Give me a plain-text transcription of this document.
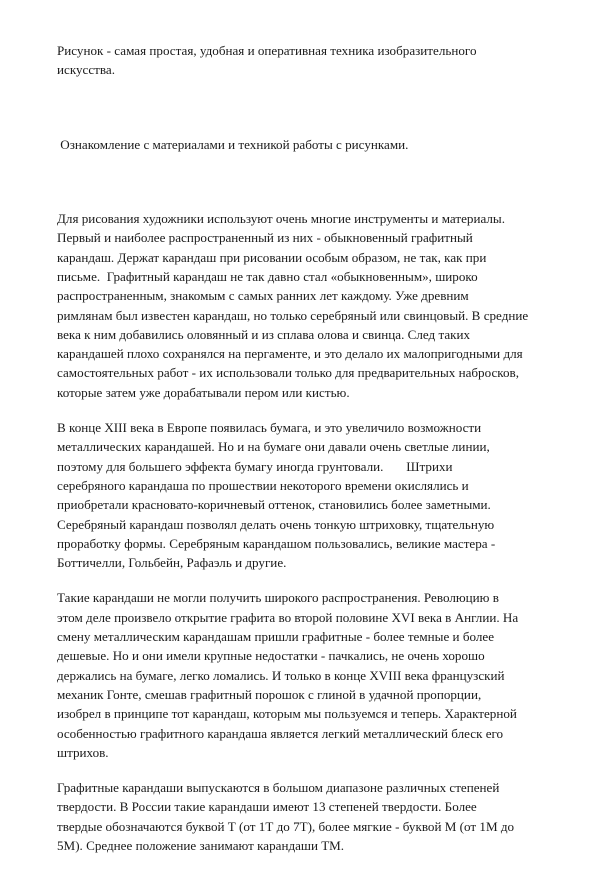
Рисунок - самая простая, удобная и оперативная техника изобразительного
искусства.

Ознакомление с материалами и техникой работы с рисунками.

Для рисования художники используют очень многие инструменты и материалы.
Первый и наиболее распространенный из них - обыкновенный графитный
карандаш. Держат карандаш при рисовании особым образом, не так, как при
письме.  Графитный карандаш не так давно стал «обыкновенным», широко
распространенным, знакомым с самых ранних лет каждому. Уже древним
римлянам был известен карандаш, но только серебряный или свинцовый. В средние
века к ним добавились оловянный и из сплава олова и свинца. След таких
карандашей плохо сохранялся на пергаменте, и это делало их малопригодными для
самостоятельных работ - их использовали только для предварительных набросков,
которые затем уже дорабатывали пером или кистью.

В конце XIII века в Европе появилась бумага, и это увеличило возможности
металлических карандашей. Но и на бумаге они давали очень светлые линии,
поэтому для большего эффекта бумагу иногда грунтовали.       Штрихи
серебряного карандаша по прошествии некоторого времени окислялись и
приобретали красновато-коричневый оттенок, становились более заметными.
Серебряный карандаш позволял делать очень тонкую штриховку, тщательную
проработку формы. Серебряным карандашом пользовались, великие мастера -
Боттичелли, Гольбейн, Рафаэль и другие.

Такие карандаши не могли получить широкого распространения. Революцию в
этом деле произвело открытие графита во второй половине XVI века в Англии. На
смену металлическим карандашам пришли графитные - более темные и более
дешевые. Но и они имели крупные недостатки - пачкались, не очень хорошо
держались на бумаге, легко ломались. И только в конце XVIII века французский
механик Гонте, смешав графитный порошок с глиной в удачной пропорции,
изобрел в принципе тот карандаш, которым мы пользуемся и теперь. Характерной
особенностью графитного карандаша является легкий металлический блеск его
штрихов.

Графитные карандаши выпускаются в большом диапазоне различных степеней
твердости. В России такие карандаши имеют 13 степеней твердости. Более
твердые обозначаются буквой Т (от 1Т до 7Т), более мягкие - буквой М (от 1М до
5М). Среднее положение занимают карандаши ТМ.
